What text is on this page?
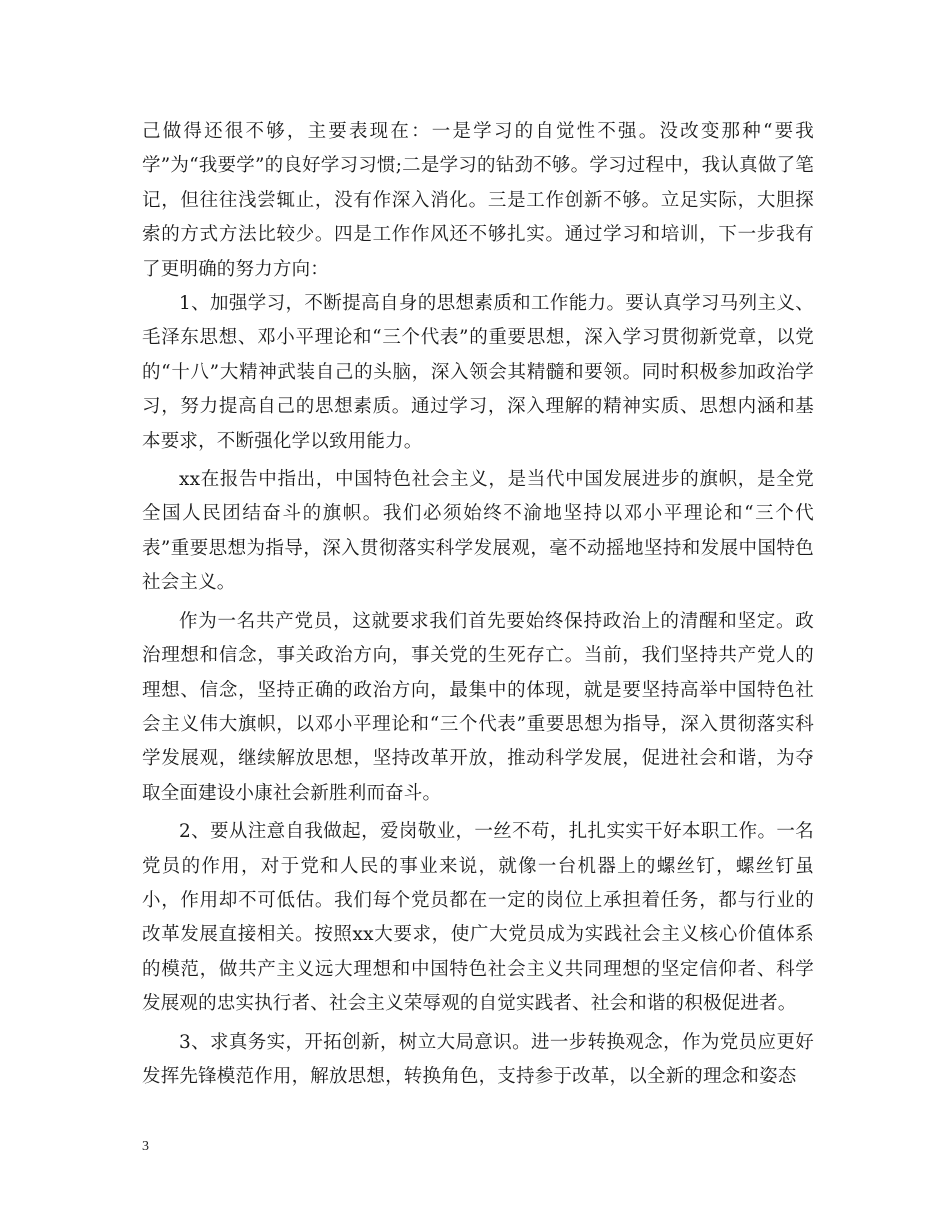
己做得还很不够，主要表现在：一是学习的自觉性不强。没改变那种“要我学”为“我要学”的良好学习习惯;二是学习的钻劲不够。学习过程中，我认真做了笔记，但往往浅尝辄止，没有作深入消化。三是工作创新不够。立足实际，大胆探索的方式方法比较少。四是工作作风还不够扎实。通过学习和培训，下一步我有了更明确的努力方向：

1、加强学习，不断提高自身的思想素质和工作能力。要认真学习马列主义、毛泽东思想、邓小平理论和“三个代表”的重要思想，深入学习贯彻新党章，以党的“十八”大精神武装自己的头脑，深入领会其精髓和要领。同时积极参加政治学习，努力提高自己的思想素质。通过学习，深入理解的精神实质、思想内涵和基本要求，不断强化学以致用能力。

xx在报告中指出，中国特色社会主义，是当代中国发展进步的旗帜，是全党全国人民团结奋斗的旗帜。我们必须始终不渝地坚持以邓小平理论和“三个代表”重要思想为指导，深入贯彻落实科学发展观，毫不动摇地坚持和发展中国特色社会主义。

作为一名共产党员，这就要求我们首先要始终保持政治上的清醒和坚定。政治理想和信念，事关政治方向，事关党的生死存亡。当前，我们坚持共产党人的理想、信念，坚持正确的政治方向，最集中的体现，就是要坚持高举中国特色社会主义伟大旗帜，以邓小平理论和“三个代表”重要思想为指导，深入贯彻落实科学发展观，继续解放思想，坚持改革开放，推动科学发展，促进社会和谐，为夺取全面建设小康社会新胜利而奋斗。

2、要从注意自我做起，爱岗敬业，一丝不苟，扎扎实实干好本职工作。一名党员的作用，对于党和人民的事业来说，就像一台机器上的螺丝钉，螺丝钉虽小，作用却不可低估。我们每个党员都在一定的岗位上承担着任务，都与行业的改革发展直接相关。按照xx大要求，使广大党员成为实践社会主义核心价值体系的模范，做共产主义远大理想和中国特色社会主义共同理想的坚定信仰者、科学发展观的忠实执行者、社会主义荣辱观的自觉实践者、社会和谐的积极促进者。

3、求真务实，开拓创新，树立大局意识。进一步转换观念，作为党员应更好发挥先锋模范作用，解放思想，转换角色，支持参于改革，以全新的理念和姿态

3
